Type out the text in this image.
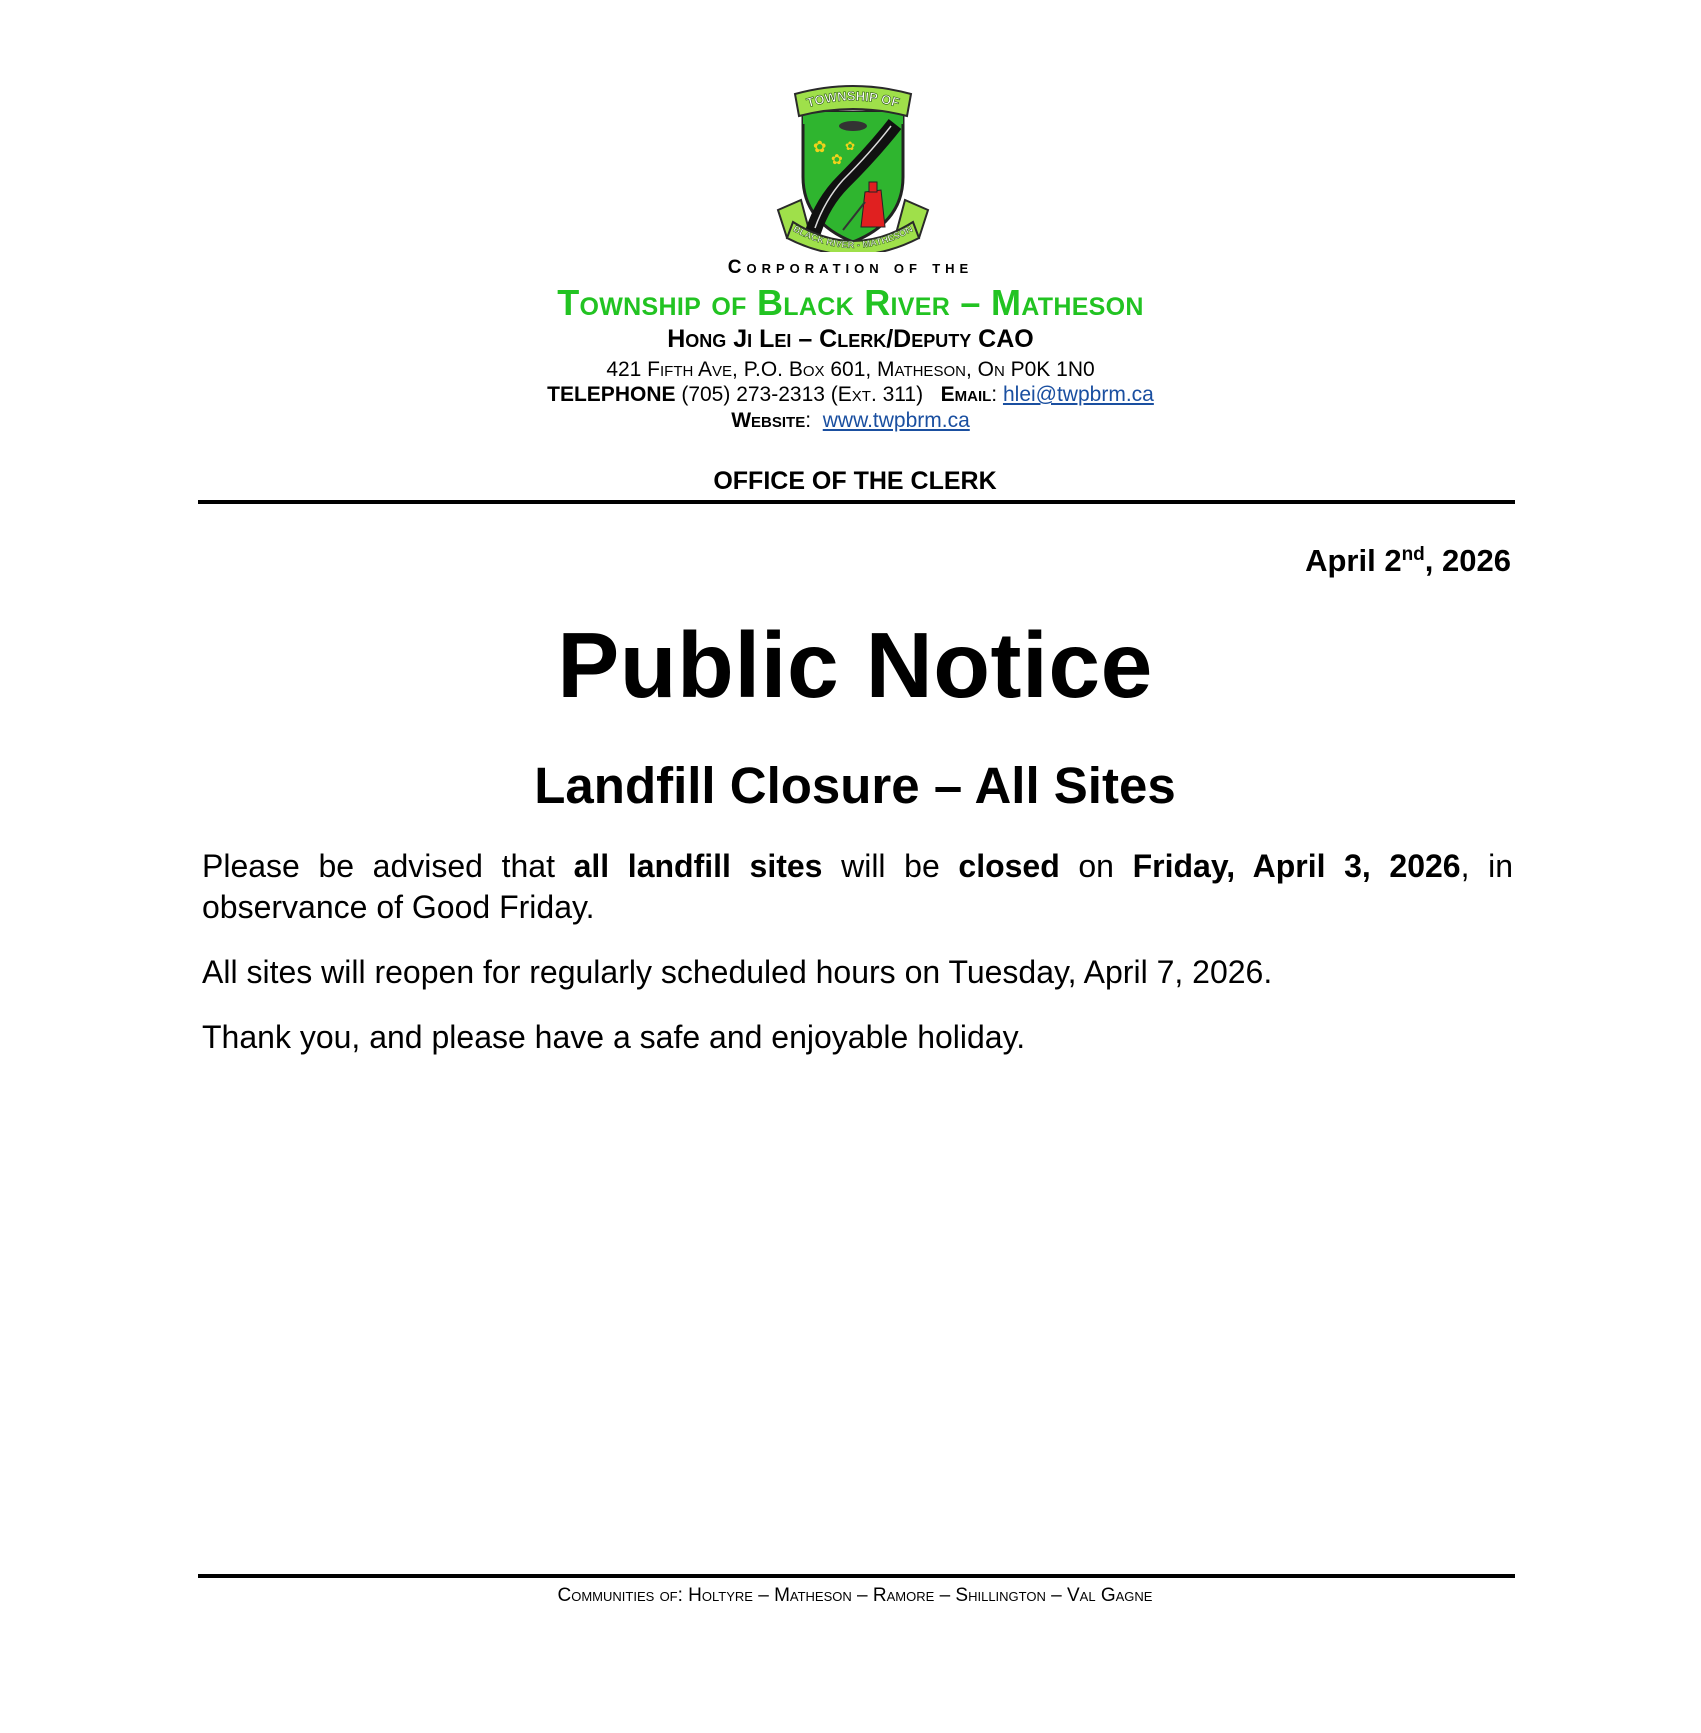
TOWNSHIP OF
✿
✿
✿
BLACK RIVER - MATHESON
Corporation of the
Township of Black River – Matheson
Hong Ji Lei – Clerk/Deputy CAO
421 Fifth Ave, P.O. Box 601, Matheson, On P0K 1N0
TELEPHONE (705) 273-2313 (Ext. 311) Email: hlei@twpbrm.ca
Website:  www.twpbrm.ca
OFFICE OF THE CLERK
April 2nd, 2026
Public Notice
Landfill Closure – All Sites
Please be advised that all landfill sites will be closed on Friday, April 3, 2026, in observance of Good Friday.
All sites will reopen for regularly scheduled hours on Tuesday, April 7, 2026.
Thank you, and please have a safe and enjoyable holiday.
Communities of: Holtyre – Matheson – Ramore – Shillington – Val Gagne
